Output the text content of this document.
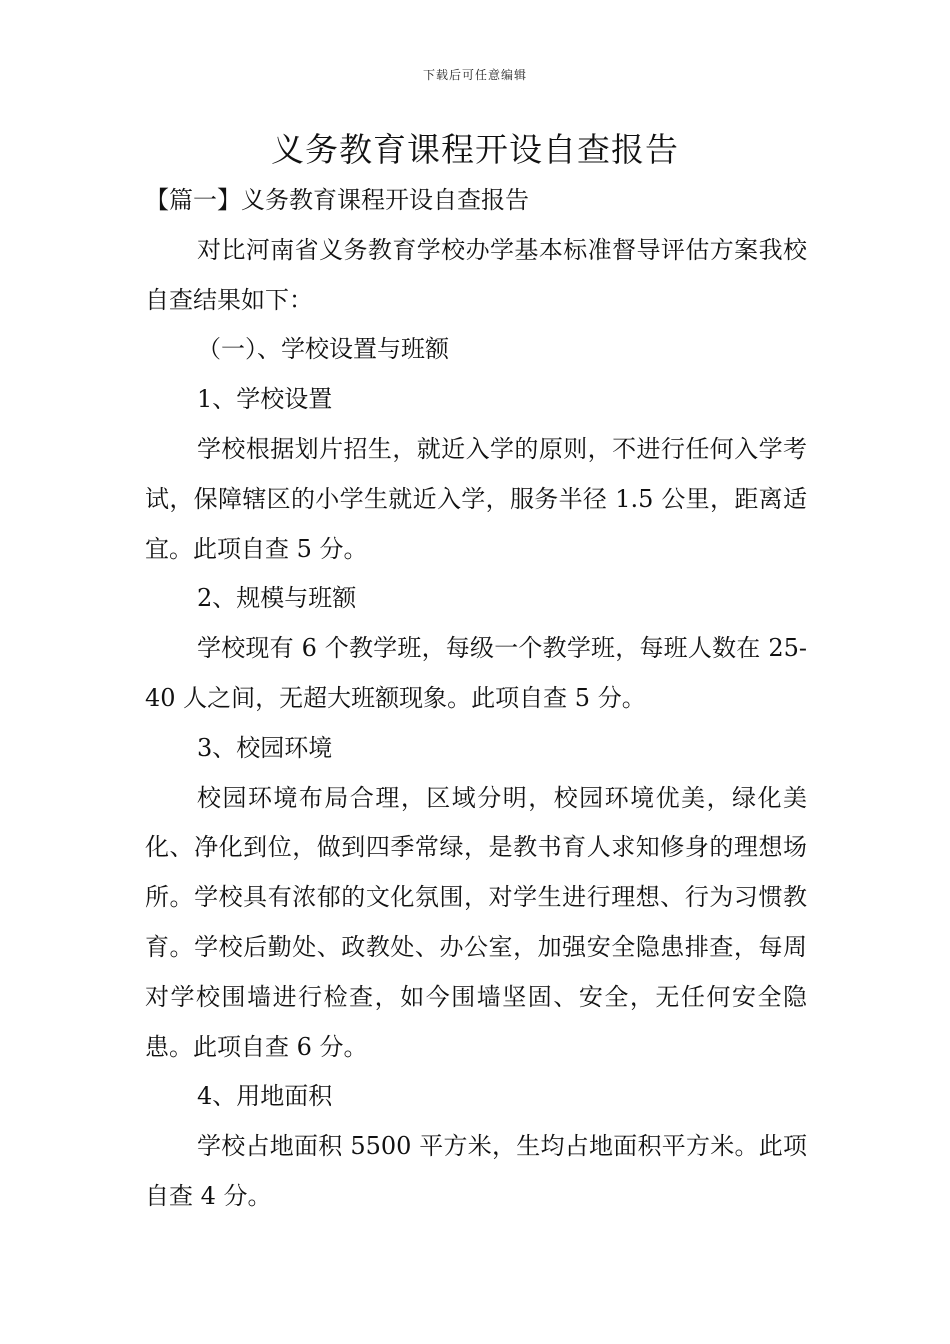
下载后可任意编辑
义务教育课程开设自查报告

【篇一】义务教育课程开设自查报告

对比河南省义务教育学校办学基本标准督导评估方案我校自查结果如下：

（一）、学校设置与班额

1、学校设置

学校根据划片招生，就近入学的原则，不进行任何入学考试，保障辖区的小学生就近入学，服务半径 1.5 公里，距离适宜。此项自查 5 分。

2、规模与班额

学校现有 6 个教学班，每级一个教学班，每班人数在 25-40 人之间，无超大班额现象。此项自查 5 分。

3、校园环境

校园环境布局合理，区域分明，校园环境优美，绿化美化、净化到位，做到四季常绿，是教书育人求知修身的理想场所。学校具有浓郁的文化氛围，对学生进行理想、行为习惯教育。学校后勤处、政教处、办公室，加强安全隐患排查，每周对学校围墙进行检查，如今围墙坚固、安全，无任何安全隐患。此项自查 6 分。

4、用地面积

学校占地面积 5500 平方米，生均占地面积平方米。此项自查 4 分。
